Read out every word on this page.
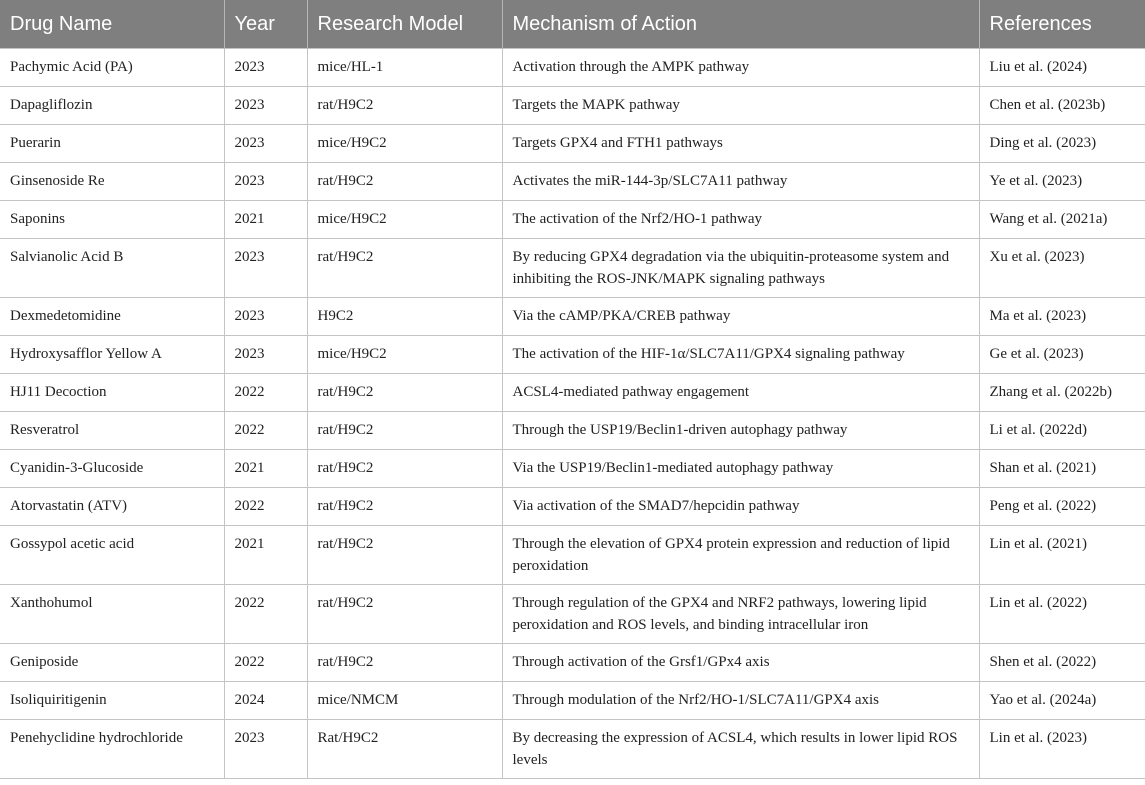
Drug Name	Year	Research Model	Mechanism of Action	References
Pachymic Acid (PA)	2023	mice/HL-1	Activation through the AMPK pathway	Liu et al. (2024)
Dapagliflozin	2023	rat/H9C2	Targets the MAPK pathway	Chen et al. (2023b)
Puerarin	2023	mice/H9C2	Targets GPX4 and FTH1 pathways	Ding et al. (2023)
Ginsenoside Re	2023	rat/H9C2	Activates the miR-144-3p/SLC7A11 pathway	Ye et al. (2023)
Saponins	2021	mice/H9C2	The activation of the Nrf2/HO-1 pathway	Wang et al. (2021a)
Salvianolic Acid B	2023	rat/H9C2	By reducing GPX4 degradation via the ubiquitin-proteasome system and inhibiting the ROS-JNK/MAPK signaling pathways	Xu et al. (2023)
Dexmedetomidine	2023	H9C2	Via the cAMP/PKA/CREB pathway	Ma et al. (2023)
Hydroxysafflor Yellow A	2023	mice/H9C2	The activation of the HIF-1α/SLC7A11/GPX4 signaling pathway	Ge et al. (2023)
HJ11 Decoction	2022	rat/H9C2	ACSL4-mediated pathway engagement	Zhang et al. (2022b)
Resveratrol	2022	rat/H9C2	Through the USP19/Beclin1-driven autophagy pathway	Li et al. (2022d)
Cyanidin-3-Glucoside	2021	rat/H9C2	Via the USP19/Beclin1-mediated autophagy pathway	Shan et al. (2021)
Atorvastatin (ATV)	2022	rat/H9C2	Via activation of the SMAD7/hepcidin pathway	Peng et al. (2022)
Gossypol acetic acid	2021	rat/H9C2	Through the elevation of GPX4 protein expression and reduction of lipid peroxidation	Lin et al. (2021)
Xanthohumol	2022	rat/H9C2	Through regulation of the GPX4 and NRF2 pathways, lowering lipid peroxidation and ROS levels, and binding intracellular iron	Lin et al. (2022)
Geniposide	2022	rat/H9C2	Through activation of the Grsf1/GPx4 axis	Shen et al. (2022)
Isoliquiritigenin	2024	mice/NMCM	Through modulation of the Nrf2/HO-1/SLC7A11/GPX4 axis	Yao et al. (2024a)
Penehyclidine hydrochloride	2023	Rat/H9C2	By decreasing the expression of ACSL4, which results in lower lipid ROS levels	Lin et al. (2023)
